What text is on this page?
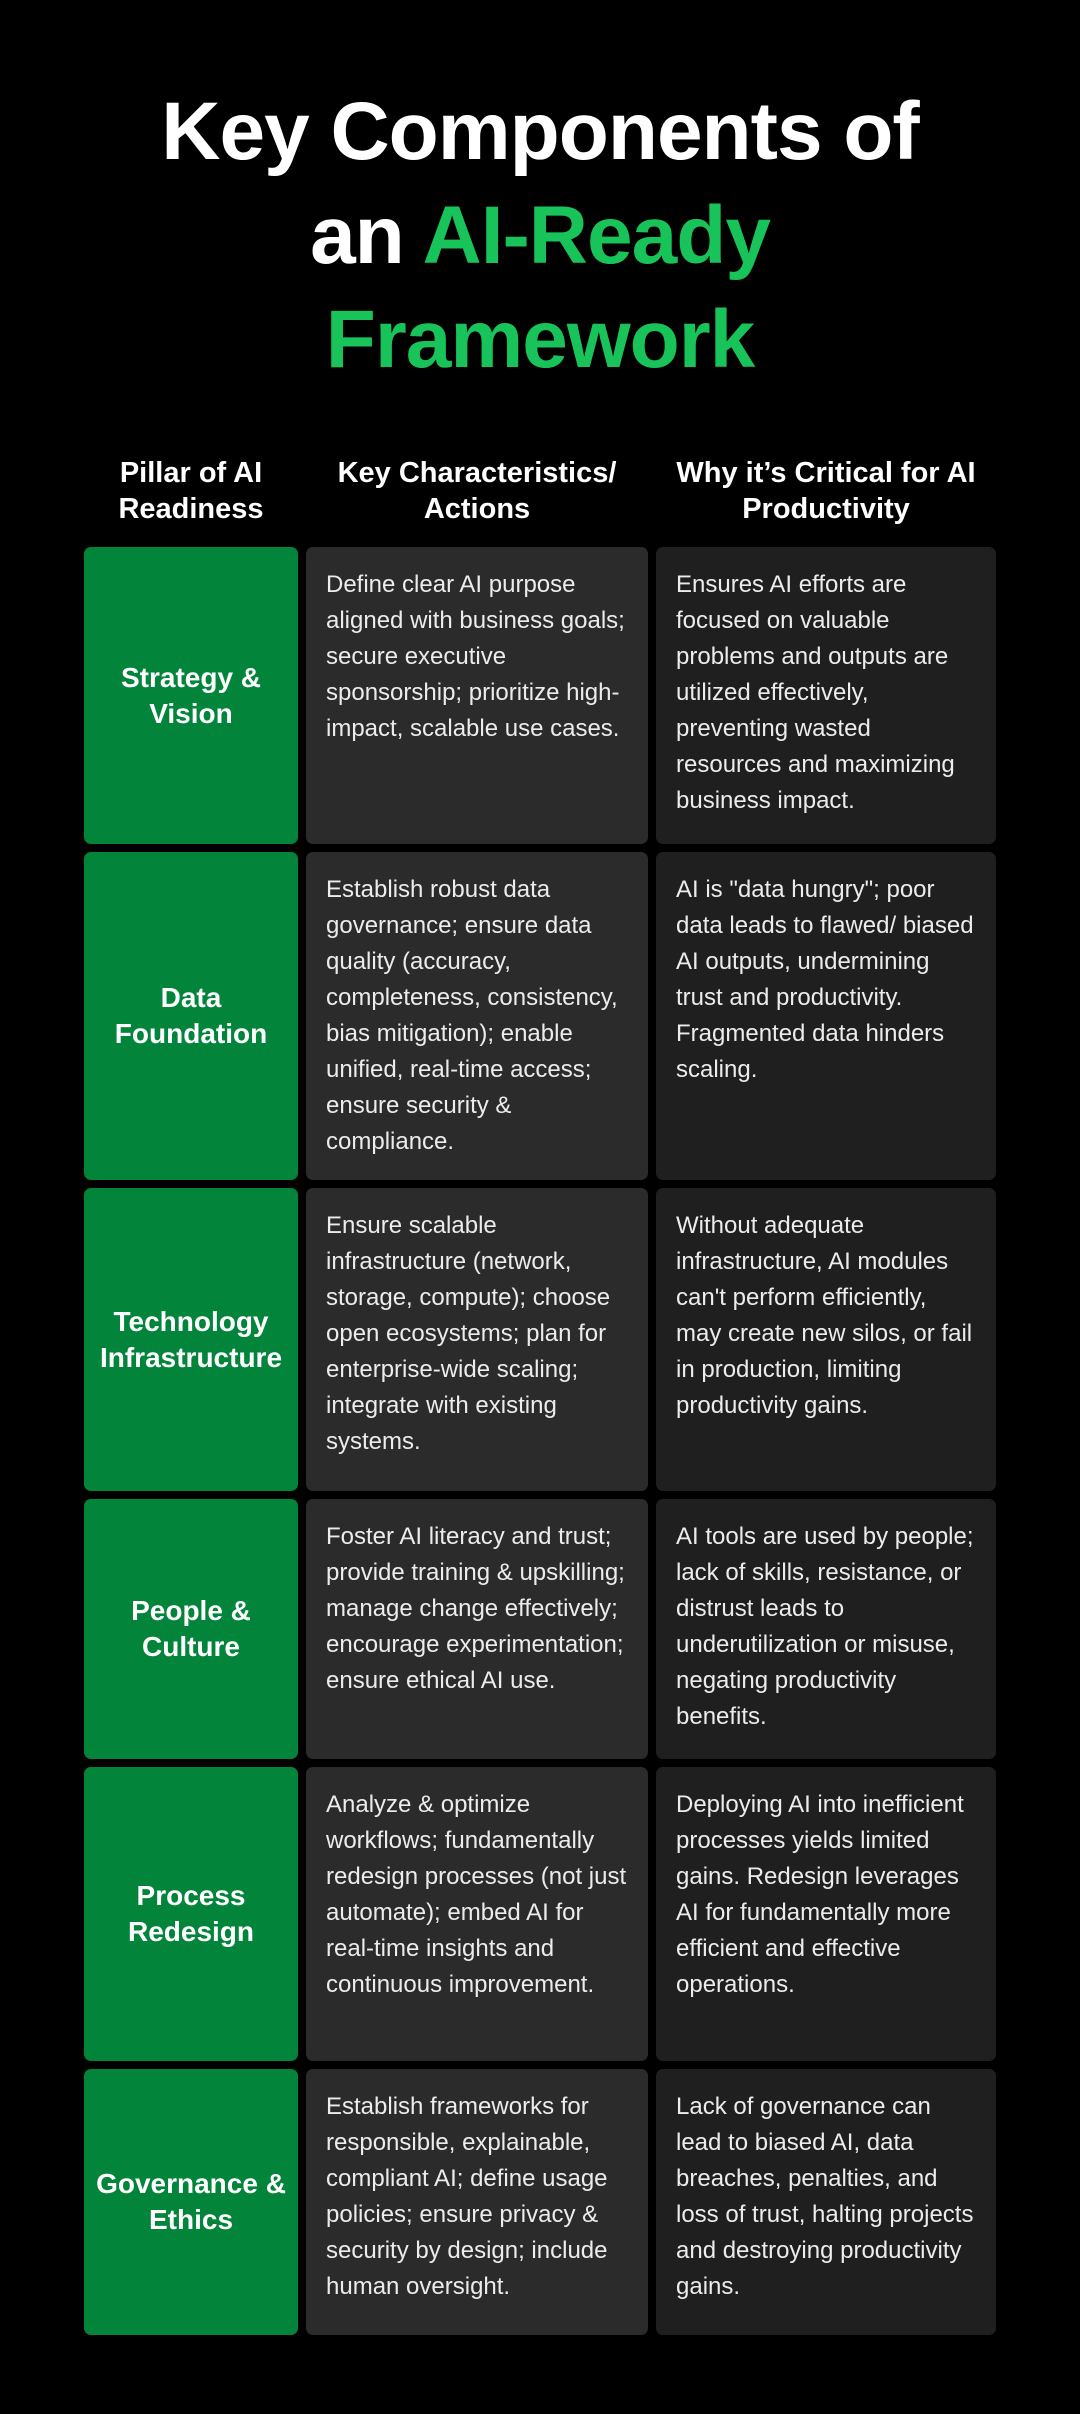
Key Components of
an AI-Ready
Framework
Pillar of AI Readiness
Key Characteristics/ Actions
Why it’s Critical for AI Productivity
Strategy & Vision
Define clear AI purpose aligned with business goals; secure executive sponsorship; prioritize high-impact, scalable use cases.
Ensures AI efforts are focused on valuable problems and outputs are utilized effectively, preventing wasted resources and maximizing business impact.
Data Foundation
Establish robust data governance; ensure data quality (accuracy, completeness, consistency, bias mitigation); enable unified, real-time access; ensure security & compliance.
AI is "data hungry"; poor data leads to flawed/ biased AI outputs, undermining trust and productivity. Fragmented data hinders scaling.
Technology Infrastructure
Ensure scalable infrastructure (network, storage, compute); choose open ecosystems; plan for enterprise-wide scaling; integrate with existing systems.
Without adequate infrastructure, AI modules can't perform efficiently, may create new silos, or fail in production, limiting productivity gains.
People & Culture
Foster AI literacy and trust; provide training & upskilling; manage change effectively; encourage experimentation; ensure ethical AI use.
AI tools are used by people; lack of skills, resistance, or distrust leads to underutilization or misuse, negating productivity benefits.
Process Redesign
Analyze & optimize workflows; fundamentally redesign processes (not just automate); embed AI for real-time insights and continuous improvement.
Deploying AI into inefficient processes yields limited gains. Redesign leverages AI for fundamentally more efficient and effective operations.
Governance & Ethics
Establish frameworks for responsible, explainable, compliant AI; define usage policies; ensure privacy & security by design; include human oversight.
Lack of governance can lead to biased AI, data breaches, penalties, and loss of trust, halting projects and destroying productivity gains.
